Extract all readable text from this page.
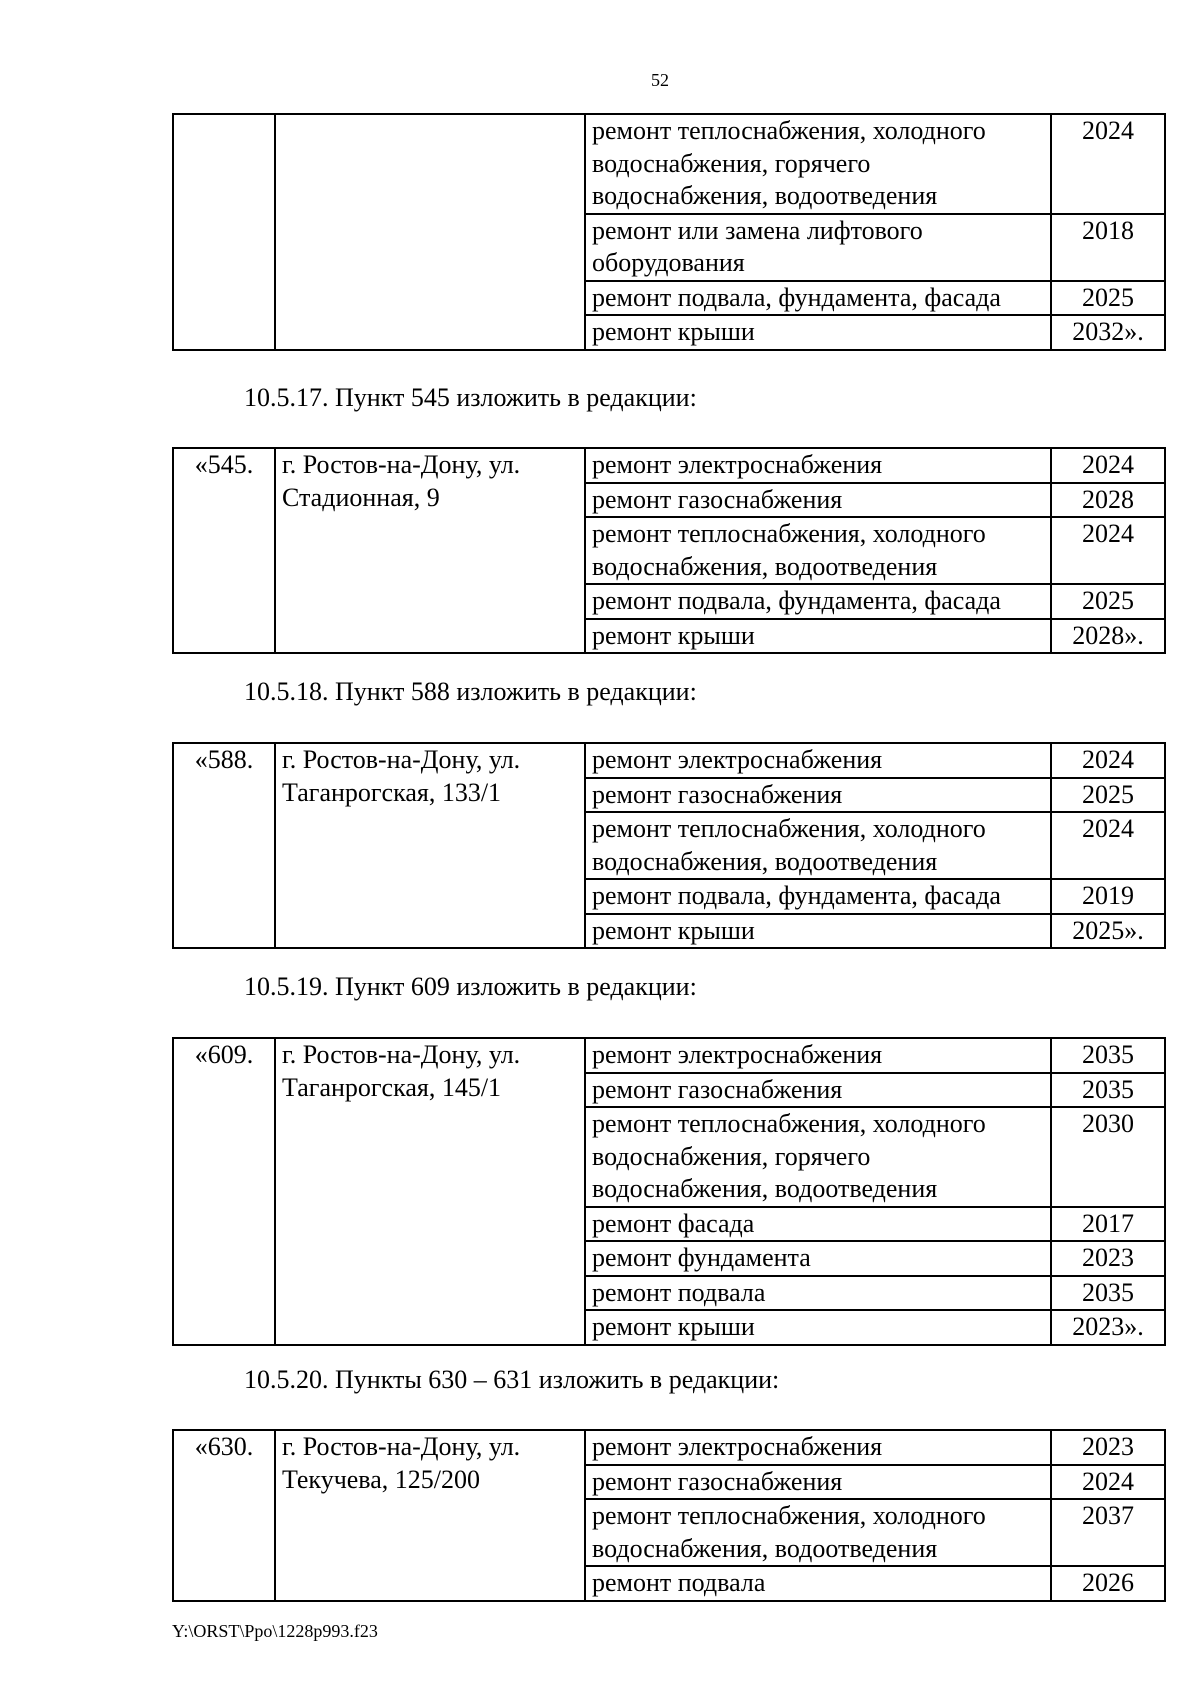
52
		ремонт теплоснабжения, холодного водоснабжения, горячего водоснабжения, водоотведения	2024
		ремонт или замена лифтового оборудования	2018
		ремонт подвала, фундамента, фасада	2025
		ремонт крыши	2032».
10.5.17. Пункт 545 изложить в редакции:
«545.	г. Ростов-на-Дону, ул. Стадионная, 9	ремонт электроснабжения	2024
		ремонт газоснабжения	2028
		ремонт теплоснабжения, холодного водоснабжения, водоотведения	2024
		ремонт подвала, фундамента, фасада	2025
		ремонт крыши	2028».
10.5.18. Пункт 588 изложить в редакции:
«588.	г. Ростов-на-Дону, ул. Таганрогская, 133/1	ремонт электроснабжения	2024
		ремонт газоснабжения	2025
		ремонт теплоснабжения, холодного водоснабжения, водоотведения	2024
		ремонт подвала, фундамента, фасада	2019
		ремонт крыши	2025».
10.5.19. Пункт 609 изложить в редакции:
«609.	г. Ростов-на-Дону, ул. Таганрогская, 145/1	ремонт электроснабжения	2035
		ремонт газоснабжения	2035
		ремонт теплоснабжения, холодного водоснабжения, горячего водоснабжения, водоотведения	2030
		ремонт фасада	2017
		ремонт фундамента	2023
		ремонт подвала	2035
		ремонт крыши	2023».
10.5.20. Пункты 630 – 631 изложить в редакции:
«630.	г. Ростов-на-Дону, ул. Текучева, 125/200	ремонт электроснабжения	2023
		ремонт газоснабжения	2024
		ремонт теплоснабжения, холодного водоснабжения, водоотведения	2037
		ремонт подвала	2026
Y:\ORST\Ppo\1228p993.f23
